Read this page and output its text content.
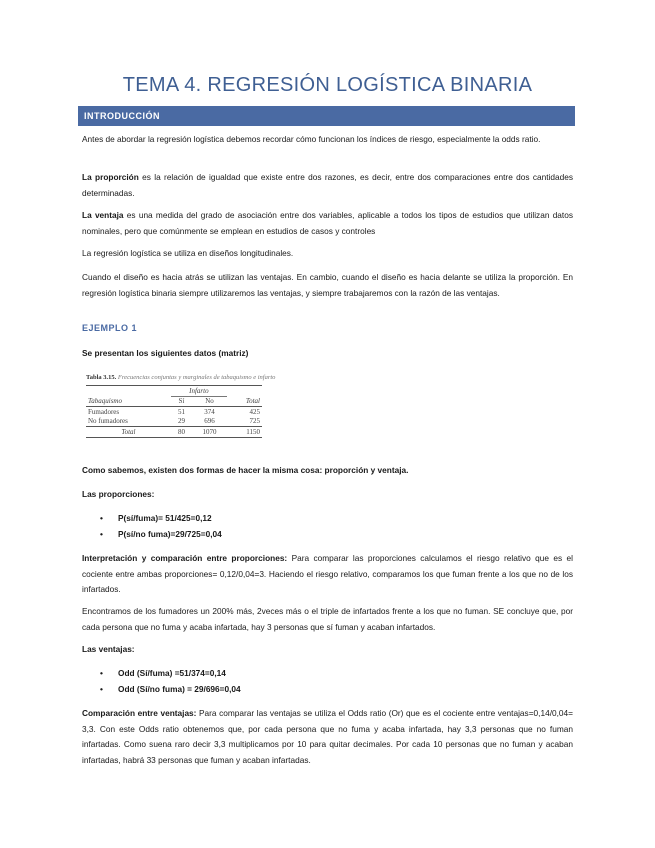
TEMA 4. REGRESIÓN LOGÍSTICA BINARIA
INTRODUCCIÓN

Antes de abordar la regresión logística debemos recordar cómo funcionan los índices de riesgo, especialmente la odds ratio.

La proporción es la relación de igualdad que existe entre dos razones, es decir, entre dos comparaciones entre dos cantidades determinadas.

La ventaja es una medida del grado de asociación entre dos variables, aplicable a todos los tipos de estudios que utilizan datos nominales, pero que comúnmente se emplean en estudios de casos y controles

La regresión logística se utiliza en diseños longitudinales.

Cuando el diseño es hacia atrás se utilizan las ventajas. En cambio, cuando el diseño es hacia delante se utiliza la proporción. En regresión logística binaria siempre utilizaremos las ventajas, y siempre trabajaremos con la razón de las ventajas.

EJEMPLO 1

Se presentan los siguientes datos (matriz)

Tabla 3.15. Frecuencias conjuntas y marginales de tabaquismo e infarto
	Infarto		
Tabaquismo	Sí	No	Total
Fumadores	51	374	425
No fumadores	29	696	725
Total	80	1070	1150

Como sabemos, existen dos formas de hacer la misma cosa: proporción y ventaja.

Las proporciones:

• P(sí/fuma)= 51/425=0,12
• P(sí/no fuma)=29/725=0,04

Interpretación y comparación entre proporciones: Para comparar las proporciones calculamos el riesgo relativo que es el cociente entre ambas proporciones= 0,12/0,04=3. Haciendo el riesgo relativo, comparamos los que fuman frente a los que no de los infartados.

Encontramos de los fumadores un 200% más, 2veces más o el triple de infartados frente a los que no fuman. SE concluye que, por cada persona que no fuma y acaba infartada, hay 3 personas que sí fuman y acaban infartados.

Las ventajas:

• Odd (Sí/fuma) =51/374=0,14
• Odd (Sí/no fuma) = 29/696=0,04

Comparación entre ventajas: Para comparar las ventajas se utiliza el Odds ratio (Or) que es el cociente entre ventajas=0,14/0,04= 3,3. Con este Odds ratio obtenemos que, por cada persona que no fuma y acaba infartada, hay 3,3 personas que no fuman infartadas. Como suena raro decir 3,3 multiplicamos por 10 para quitar decimales. Por cada 10 personas que no fuman y acaban infartadas, habrá 33 personas que fuman y acaban infartadas.
